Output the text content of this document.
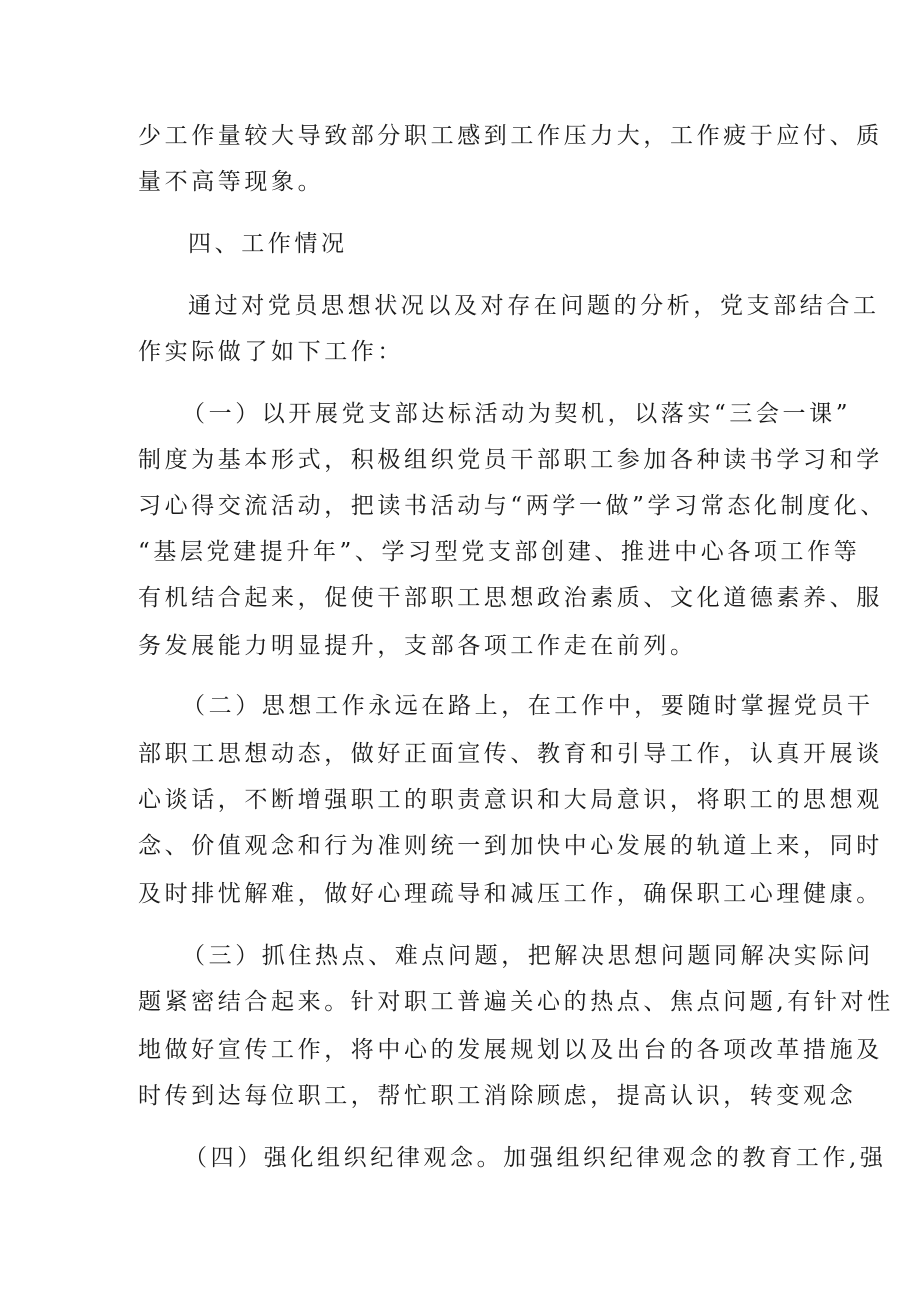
少工作量较大导致部分职工感到工作压力大，工作疲于应付、质
量不高等现象。
四、工作情况
通过对党员思想状况以及对存在问题的分析，党支部结合工
作实际做了如下工作：
（一）以开展党支部达标活动为契机，以落实“三会一课”
制度为基本形式，积极组织党员干部职工参加各种读书学习和学
习心得交流活动，把读书活动与“两学一做”学习常态化制度化、
“基层党建提升年”、学习型党支部创建、推进中心各项工作等
有机结合起来，促使干部职工思想政治素质、文化道德素养、服
务发展能力明显提升，支部各项工作走在前列。
（二）思想工作永远在路上，在工作中，要随时掌握党员干
部职工思想动态，做好正面宣传、教育和引导工作，认真开展谈
心谈话，不断增强职工的职责意识和大局意识，将职工的思想观
念、价值观念和行为准则统一到加快中心发展的轨道上来，同时
及时排忧解难，做好心理疏导和减压工作，确保职工心理健康。
（三）抓住热点、难点问题，把解决思想问题同解决实际问
题紧密结合起来。针对职工普遍关心的热点、焦点问题,有针对性
地做好宣传工作，将中心的发展规划以及出台的各项改革措施及
时传到达每位职工，帮忙职工消除顾虑，提高认识，转变观念
（四）强化组织纪律观念。加强组织纪律观念的教育工作,强
